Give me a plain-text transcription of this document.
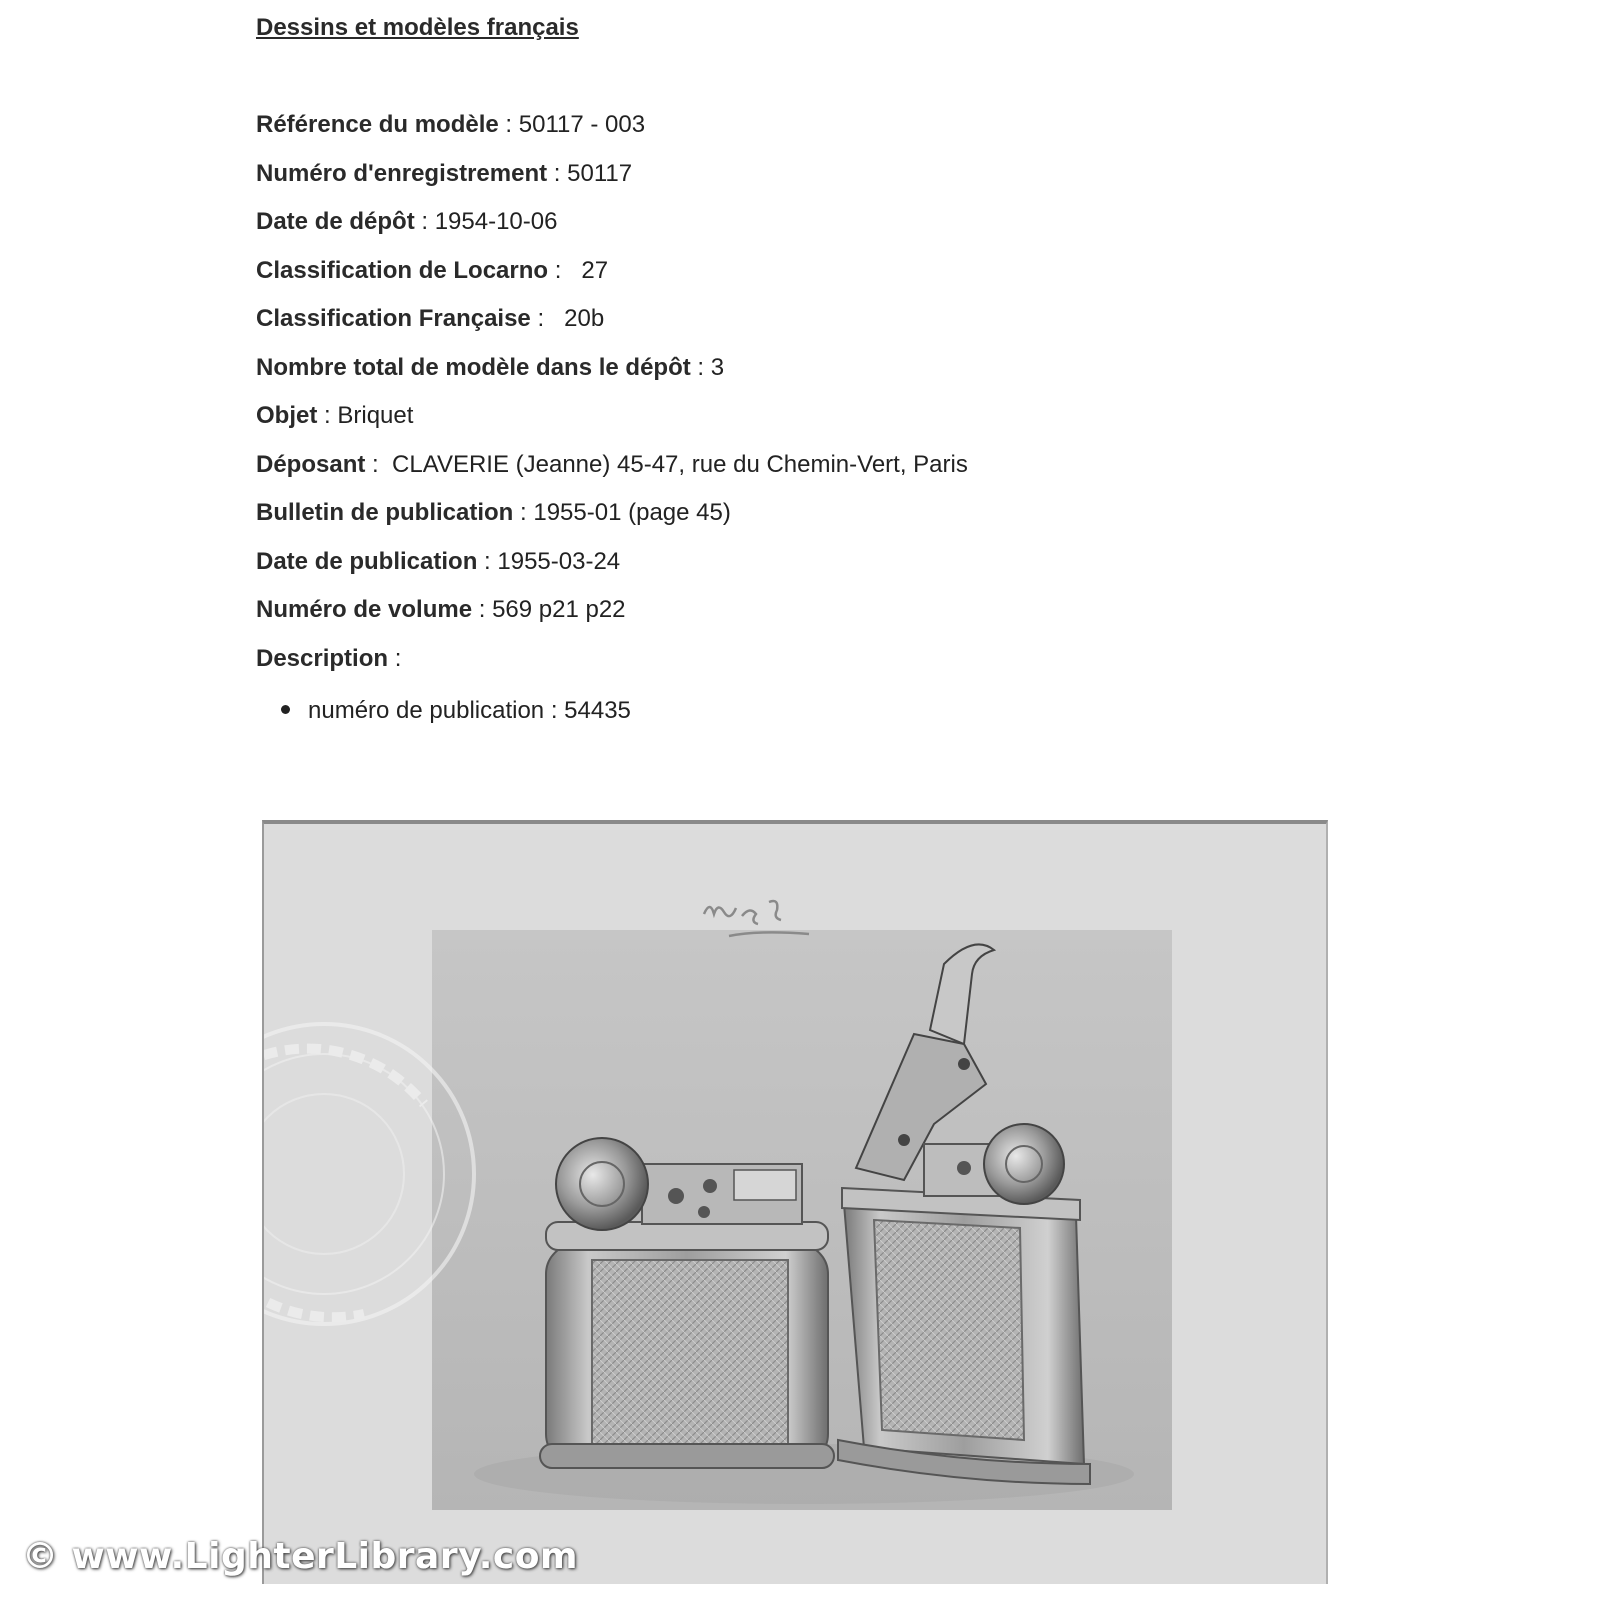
Dessins et modèles français
Référence du modèle : 50117 - 003
Numéro d'enregistrement : 50117
Date de dépôt : 1954-10-06
Classification de Locarno :   27
Classification Française :   20b
Nombre total de modèle dans le dépôt : 3
Objet : Briquet
Déposant :  CLAVERIE (Jeanne) 45-47, rue du Chemin-Vert, Paris
Bulletin de publication : 1955-01 (page 45)
Date de publication : 1955-03-24
Numéro de volume : 569 p21 p22
Description :
numéro de publication : 54435
© www.LighterLibrary.com
